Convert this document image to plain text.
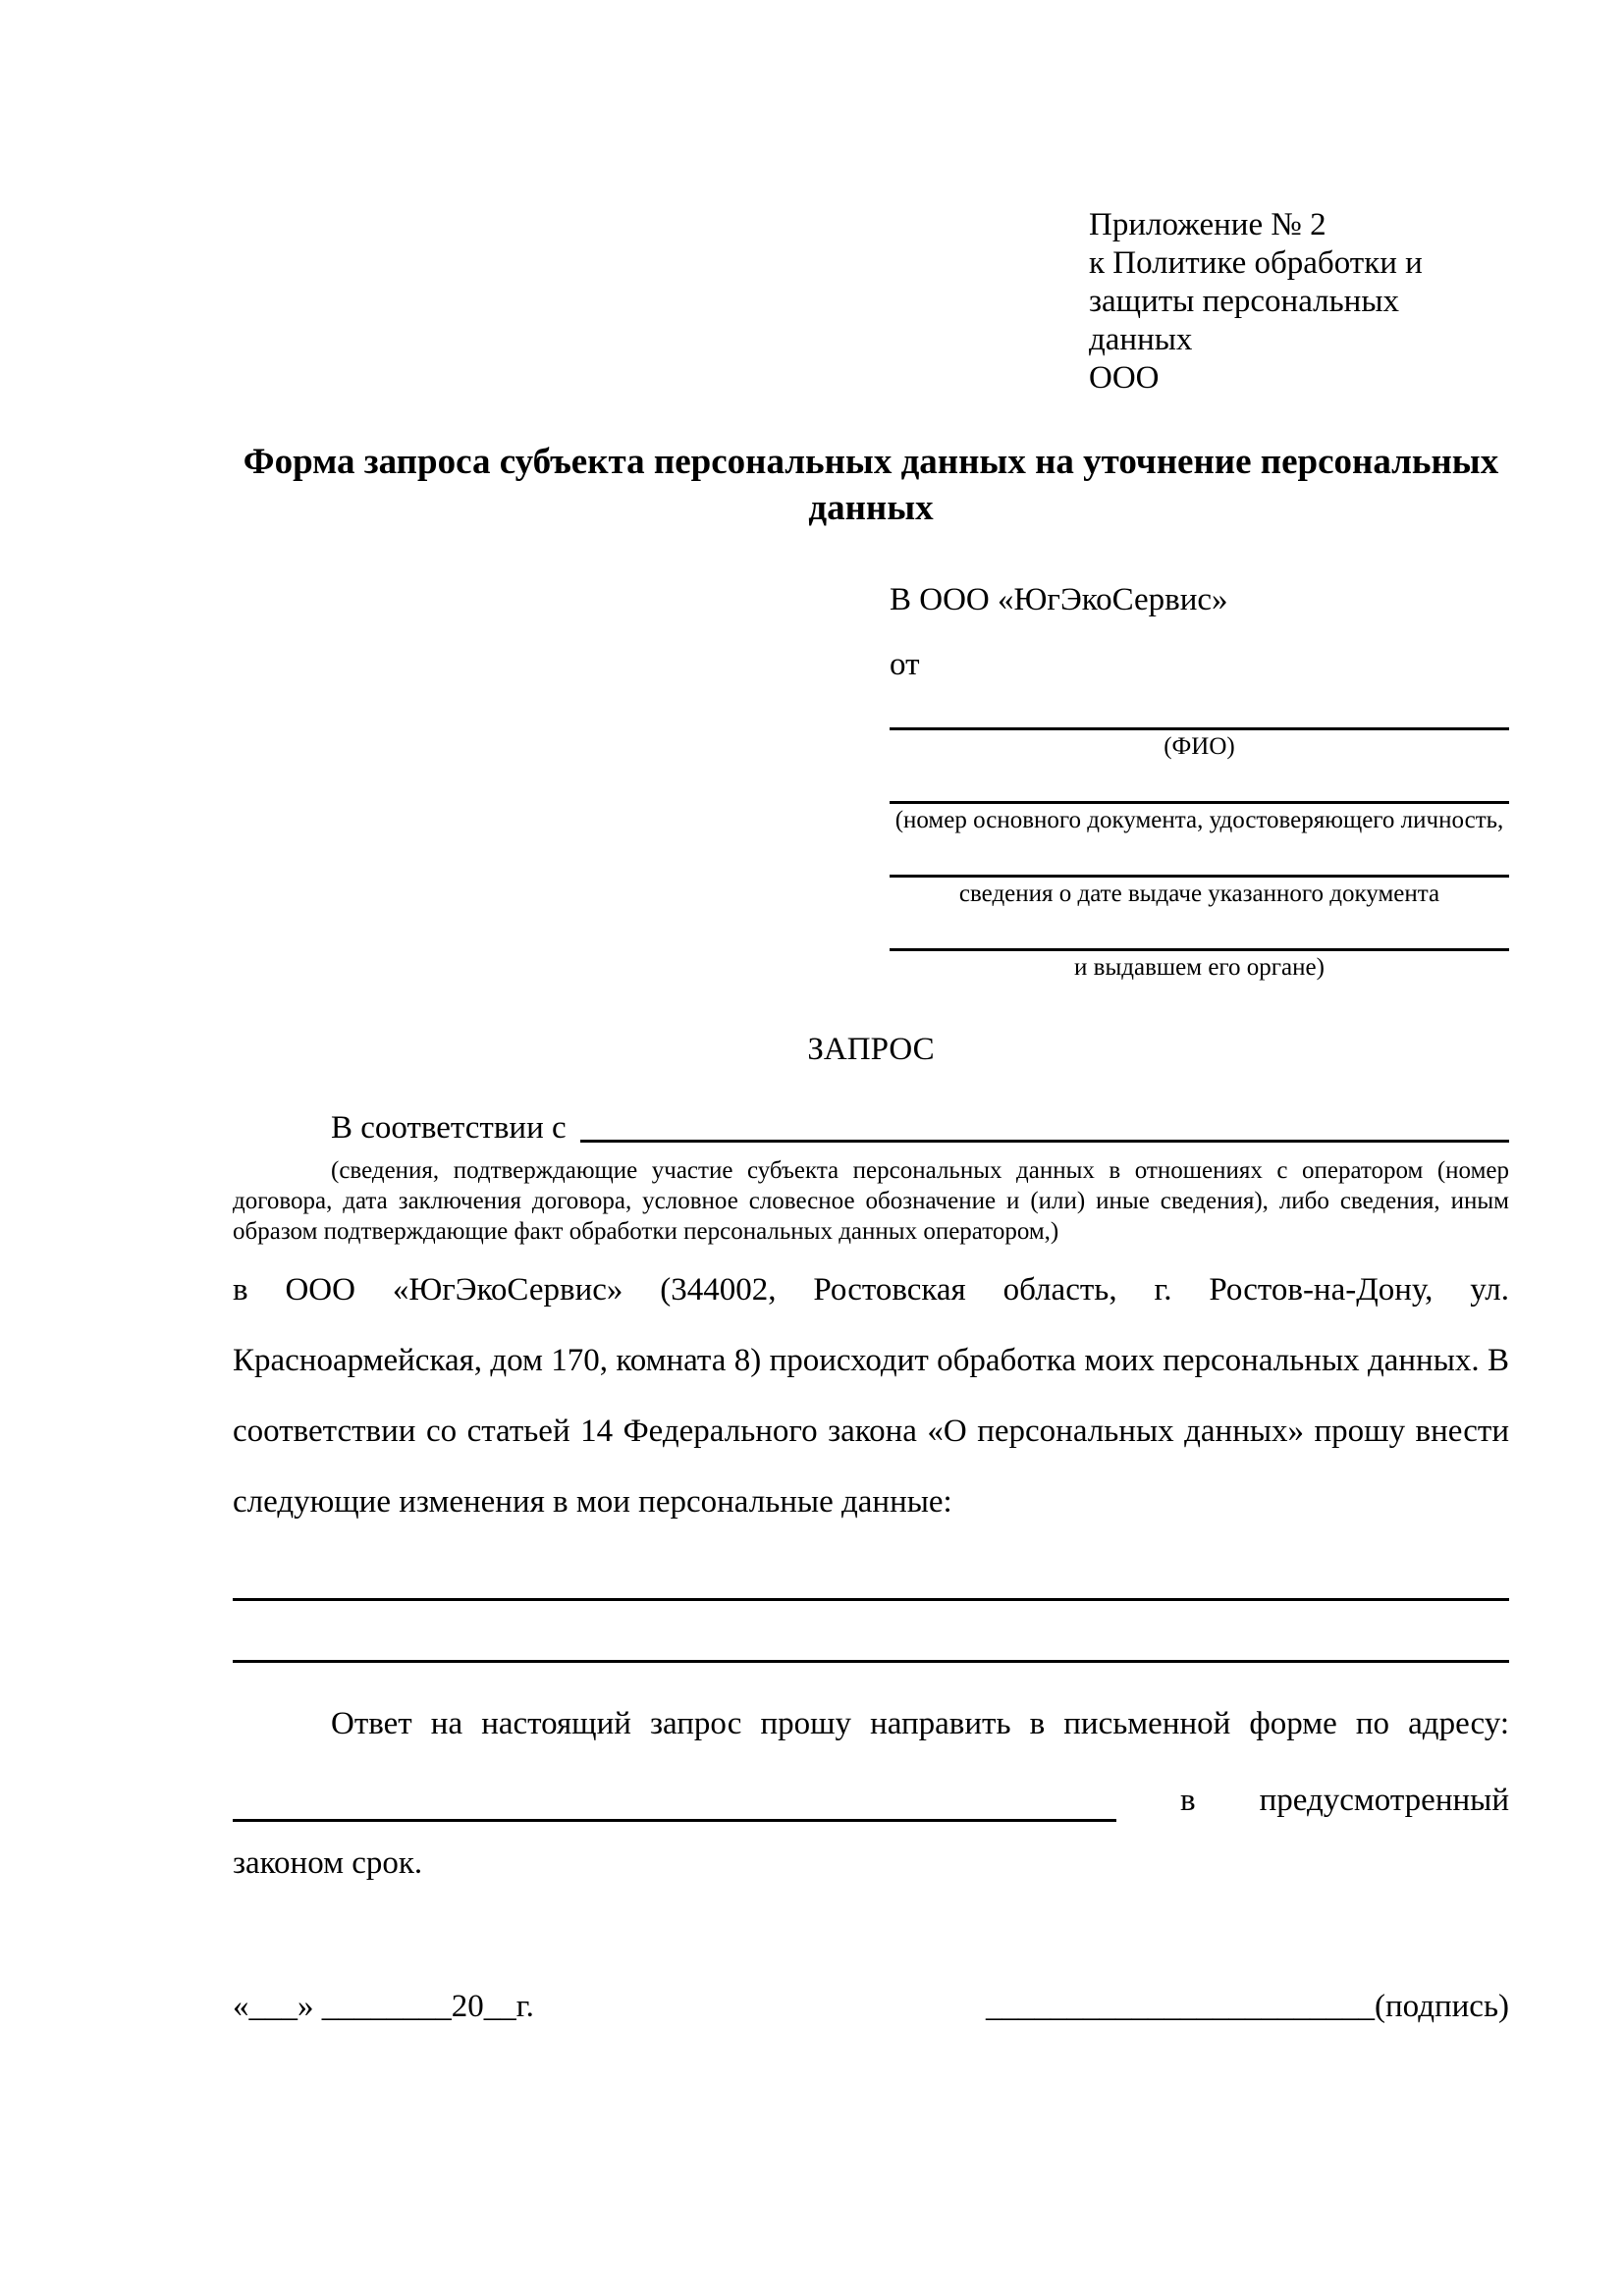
Приложение № 2
к Политике обработки и
защиты персональных данных
ООО
Форма запроса субъекта персональных данных на уточнение персональных данных
В ООО «ЮгЭкоСервис»
от
(ФИО)
(номер основного документа, удостоверяющего личность,
сведения о дате выдаче указанного документа
и выдавшем его органе)
ЗАПРОС
В соответствии с
(сведения, подтверждающие участие субъекта персональных данных в отношениях с оператором (номер договора, дата заключения договора, условное словесное обозначение и (или) иные сведения), либо сведения, иным образом подтверждающие факт обработки персональных данных оператором,)
в ООО «ЮгЭкоСервис» (344002, Ростовская область, г. Ростов-на-Дону, ул. Красноармейская, дом 170, комната 8) происходит обработка моих персональных данных. В соответствии со статьей 14 Федерального закона «О персональных данных» прошу внести следующие изменения в мои персональные данные:
Ответ на настоящий запрос прошу направить в письменной форме по адресу:
в предусмотренный
законом срок.
«___» ________20__г.	________________________(подпись)
